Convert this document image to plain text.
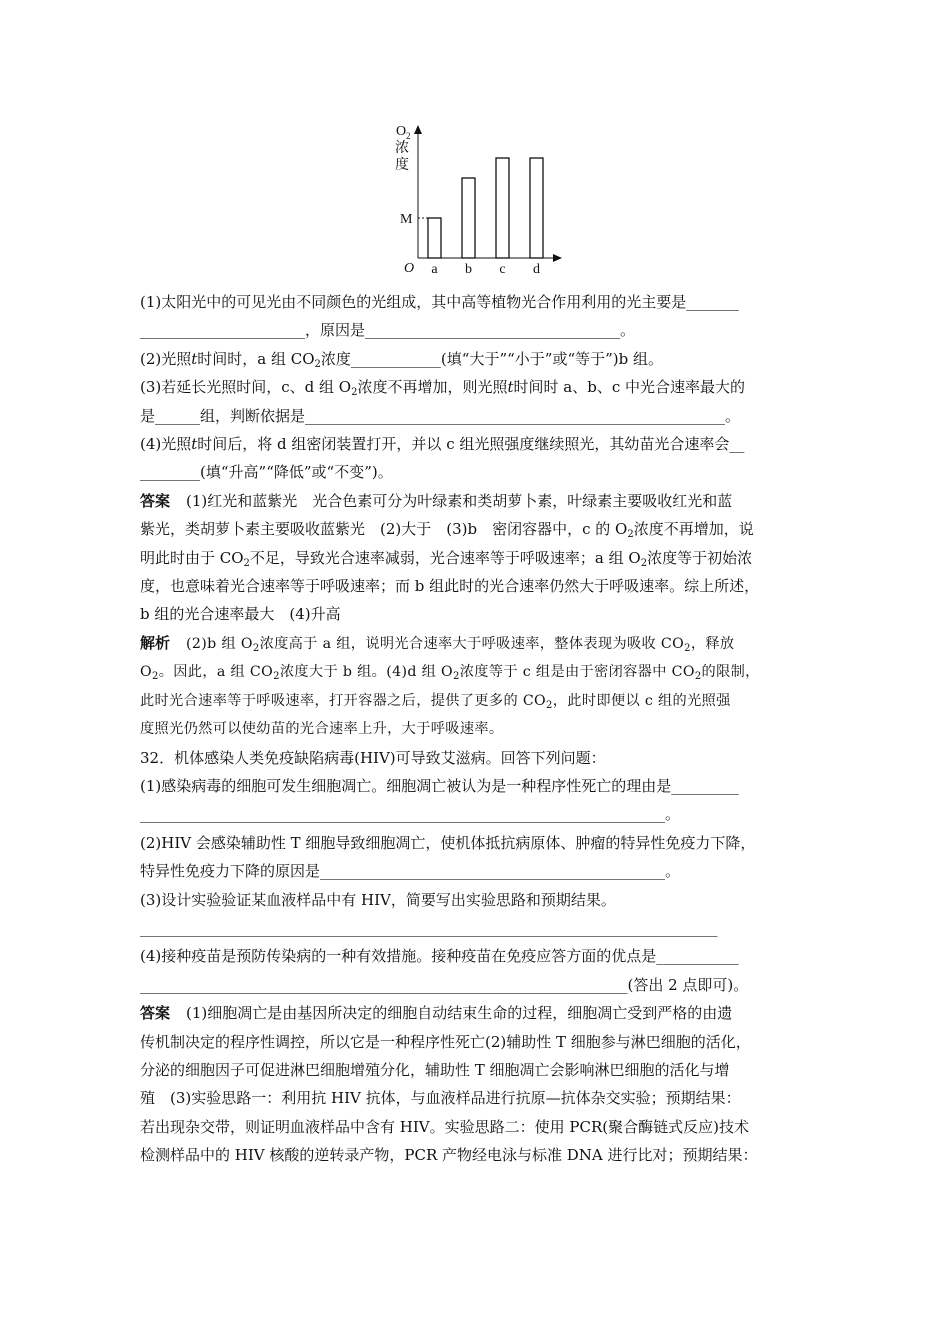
O 2
浓
度
O
M
a b c d

(1)太阳光中的可见光由不同颜色的光组成，其中高等植物光合作用利用的光主要是_______

______________________，原因是__________________________________。

(2)光照t时间时，a 组 $CO_2$浓度____________(填“大于”“小于”或“等于”)b 组。

(3)若延长光照时间，c、d 组 $O_2$浓度不再增加，则光照t时间时 a、b、c 中光合速率最大的

是______组，判断依据是________________________________________________________。

(4)光照t时间后，将 d 组密闭装置打开，并以 c 组光照强度继续照光，其幼苗光合速率会__

________(填“升高”“降低”或“不变”)。

答案 (1)红光和蓝紫光　光合色素可分为叶绿素和类胡萝卜素，叶绿素主要吸收红光和蓝

紫光，类胡萝卜素主要吸收蓝紫光　(2)大于　(3)b　密闭容器中，c 的 $O_2$浓度不再增加，说

明此时由于 $CO_2$不足，导致光合速率减弱，光合速率等于呼吸速率；a 组 $O_2$浓度等于初始浓

度，也意味着光合速率等于呼吸速率；而 b 组此时的光合速率仍然大于呼吸速率。综上所述，

b 组的光合速率最大　(4)升高

解析 (2)b 组 $O_2$浓度高于 a 组，说明光合速率大于呼吸速率，整体表现为吸收 $CO_2$，释放

$O_2$。因此，a 组 $CO_2$浓度大于 b 组。(4)d 组 $O_2$浓度等于 c 组是由于密闭容器中 $CO_2$的限制，

此时光合速率等于呼吸速率，打开容器之后，提供了更多的 $CO_2$，此时即便以 c 组的光照强

度照光仍然可以使幼苗的光合速率上升，大于呼吸速率。

32．机体感染人类免疫缺陷病毒(HIV)可导致艾滋病。回答下列问题：

(1)感染病毒的细胞可发生细胞凋亡。细胞凋亡被认为是一种程序性死亡的理由是_________

______________________________________________________________________。

(2)HIV 会感染辅助性 T 细胞导致细胞凋亡，使机体抵抗病原体、肿瘤的特异性免疫力下降，

特异性免疫力下降的原因是______________________________________________。

(3)设计实验验证某血液样品中有 HIV，简要写出实验思路和预期结果。

_____________________________________________________________________________

(4)接种疫苗是预防传染病的一种有效措施。接种疫苗在免疫应答方面的优点是___________

_________________________________________________________________(答出 2 点即可)。

答案 (1)细胞凋亡是由基因所决定的细胞自动结束生命的过程，细胞凋亡受到严格的由遗

传机制决定的程序性调控，所以它是一种程序性死亡(2)辅助性 T 细胞参与淋巴细胞的活化，

分泌的细胞因子可促进淋巴细胞增殖分化，辅助性 T 细胞凋亡会影响淋巴细胞的活化与增

殖　(3)实验思路一：利用抗 HIV 抗体，与血液样品进行抗原—抗体杂交实验；预期结果：

若出现杂交带，则证明血液样品中含有 HIV。实验思路二：使用 PCR(聚合酶链式反应)技术

检测样品中的 HIV 核酸的逆转录产物，PCR 产物经电泳与标准 DNA 进行比对；预期结果：
